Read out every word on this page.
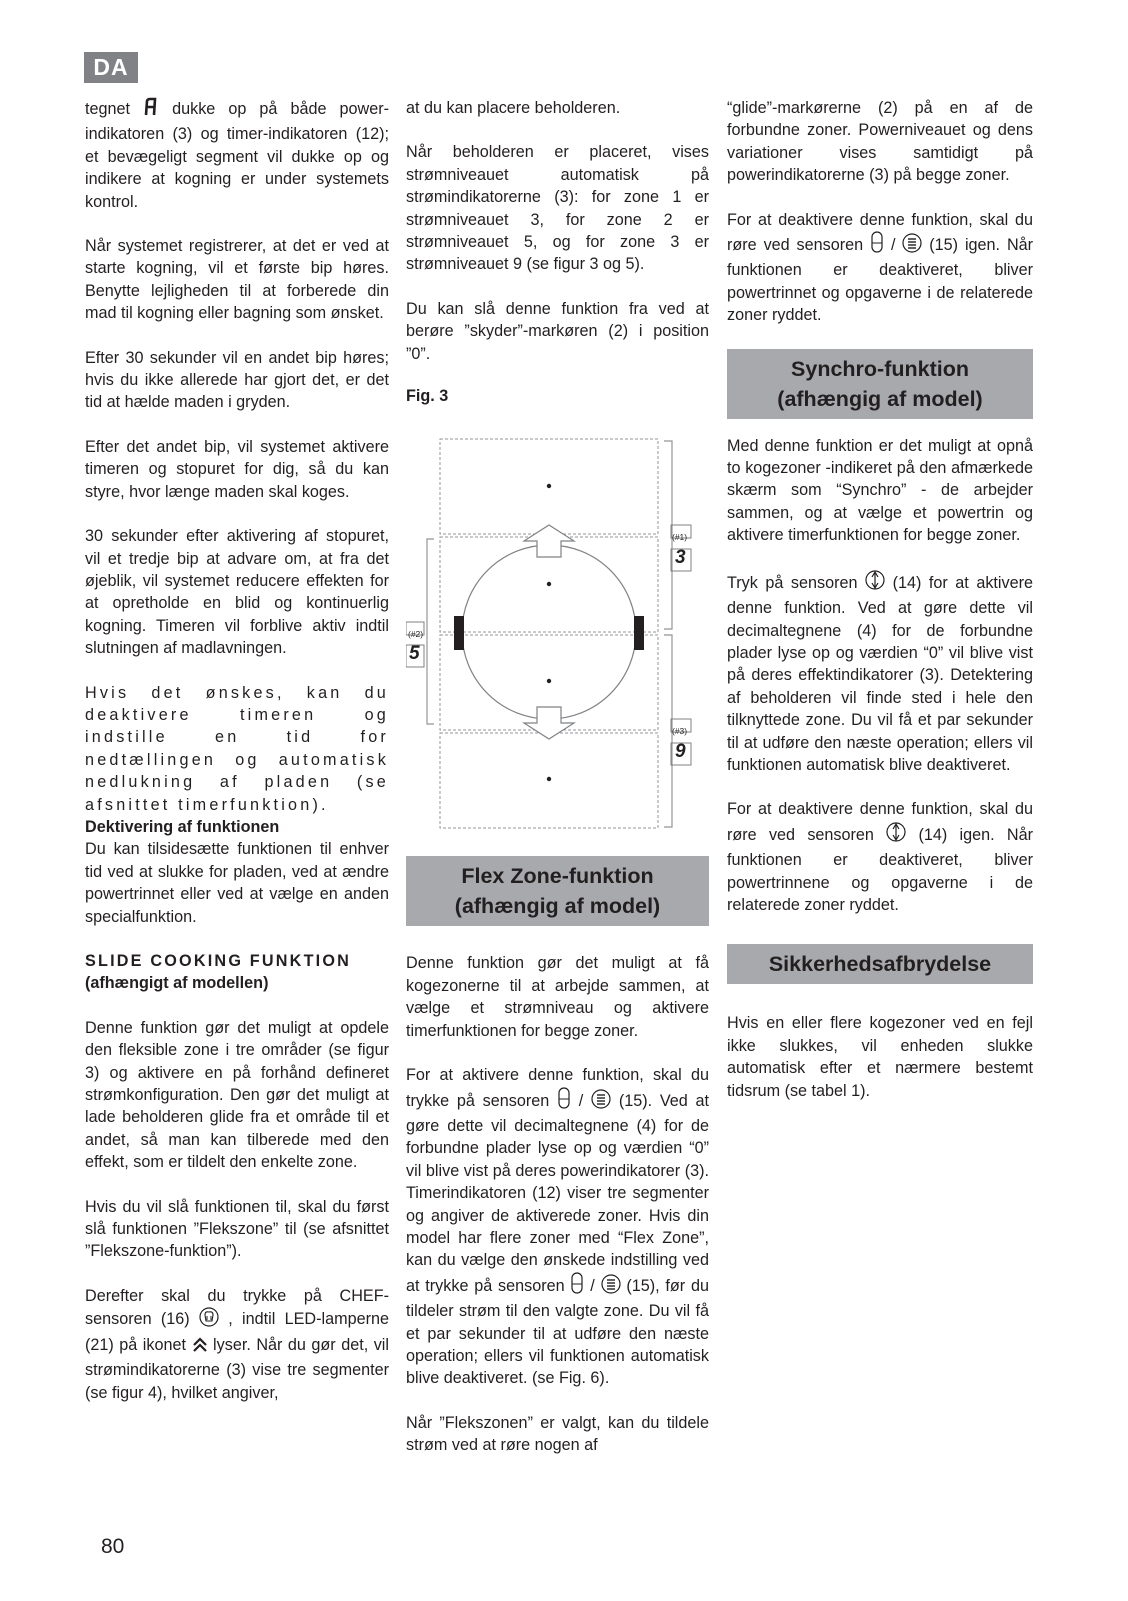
DA

tegnet	dukke op på både power-indikatoren (3) og timer-indikatoren (12); et bevægeligt segment vil dukke op og indikere at kogning er under systemets kontrol.

Når systemet registrerer, at det er ved at starte kogning, vil et første bip høres. Benytte lejligheden til at forberede din mad til kogning eller bagning som ønsket.

Efter 30 sekunder vil en andet bip høres; hvis du ikke allerede har gjort det, er det tid at hælde maden i gryden.

Efter det andet bip, vil systemet aktivere timeren og stopuret for dig, så du kan styre, hvor længe maden skal koges.

30 sekunder efter aktivering af stopuret, vil et tredje bip at advare om, at fra det øjeblik, vil systemet reducere effekten for at opretholde en blid og kontinuerlig kogning. Timeren vil forblive aktiv indtil slutningen af madlavningen.

Hvis det ønskes, kan du deaktivere timeren og indstille en tid for nedtællingen og automatisk nedlukning af pladen (se afsnittet timerfunktion).

Dektivering af funktionen

Du kan tilsidesætte funktionen til enhver tid ved at slukke for pladen, ved at ændre powertrinnet eller ved at vælge en anden specialfunktion.

SLIDE COOKING FUNKTION

(afhængigt af modellen)

Denne funktion gør det muligt at opdele den fleksible zone i tre områder (se figur 3) og aktivere en på forhånd defineret strømkonfiguration. Den gør det muligt at lade beholderen glide fra et område til et andet, så man kan tilberede med den effekt, som er tildelt den enkelte zone.

Hvis du vil slå funktionen til, skal du først slå funktionen ”Flekszone” til (se afsnittet ”Flekszone-funktion”).

Derefter skal du trykke på CHEF-sensoren (16) , indtil LED-lamperne (21) på ikonet lyser. Når du gør det, vil strømindikatorerne (3) vise tre segmenter (se figur 4), hvilket angiver,

at du kan placere beholderen.

Når beholderen er placeret, vises strømniveauet automatisk på strømindikatorerne (3): for zone 1 er strømniveauet 3, for zone 2 er strømniveauet 5, og for zone 3 er strømniveauet 9 (se figur 3 og 5).

Du kan slå denne funktion fra ved at berøre ”skyder”-markøren (2) i position ”0”.

Fig. 3

(#2)
(#1)
(#3)
5
3
9
Flex Zone-funktion
(afhængig af model)

Denne funktion gør det muligt at få kogezonerne til at arbejde sammen, at vælge et strømniveau og aktivere timerfunktionen for begge zoner.

For at aktivere denne funktion, skal du trykke på sensoren  /  (15). Ved at gøre dette vil decimaltegnene (4) for de forbundne plader lyse op og værdien “0” vil blive vist på deres powerindikatorer (3). Timerindikatoren (12) viser tre segmenter og angiver de aktiverede zoner. Hvis din model har flere zoner med “Flex Zone”, kan du vælge den ønskede indstilling ved at trykke på sensoren  /  (15), før du tildeler strøm til den valgte zone. Du vil få et par sekunder til at udføre den næste operation; ellers vil funktionen automatisk blive deaktiveret. (se Fig. 6).

Når ”Flekszonen” er valgt, kan du tildele strøm ved at røre nogen af

“glide”-markørerne (2) på en af de forbundne zoner. Powerniveauet og dens variationer vises samtidigt på powerindikatorerne (3) på begge zoner.

For at deaktivere denne funktion, skal du røre ved sensoren  /  (15) igen. Når funktionen er deaktiveret, bliver powertrinnet og opgaverne i de relaterede zoner ryddet.

Synchro-funktion
(afhængig af model)

Med denne funktion er det muligt at opnå to kogezoner -indikeret på den afmærkede skærm som “Synchro” - de arbejder sammen, og at vælge et powertrin og aktivere timerfunktionen for begge zoner.

Tryk på sensoren (14) for at aktivere denne funktion. Ved at gøre dette vil decimaltegnene (4) for de forbundne plader lyse op og værdien “0” vil blive vist på deres effektindikatorer (3). Detektering af beholderen vil finde sted i hele den tilknyttede zone. Du vil få et par sekunder til at udføre den næste operation; ellers vil funktionen automatisk blive deaktiveret.

For at deaktivere denne funktion, skal du røre ved sensoren	(14) igen. Når funktionen er deaktiveret, bliver powertrinnene og opgaverne i de relaterede zoner ryddet.

Sikkerhedsafbrydelse

Hvis en eller flere kogezoner ved en fejl ikke slukkes, vil enheden slukke automatisk efter et nærmere bestemt tidsrum (se tabel 1).

80
